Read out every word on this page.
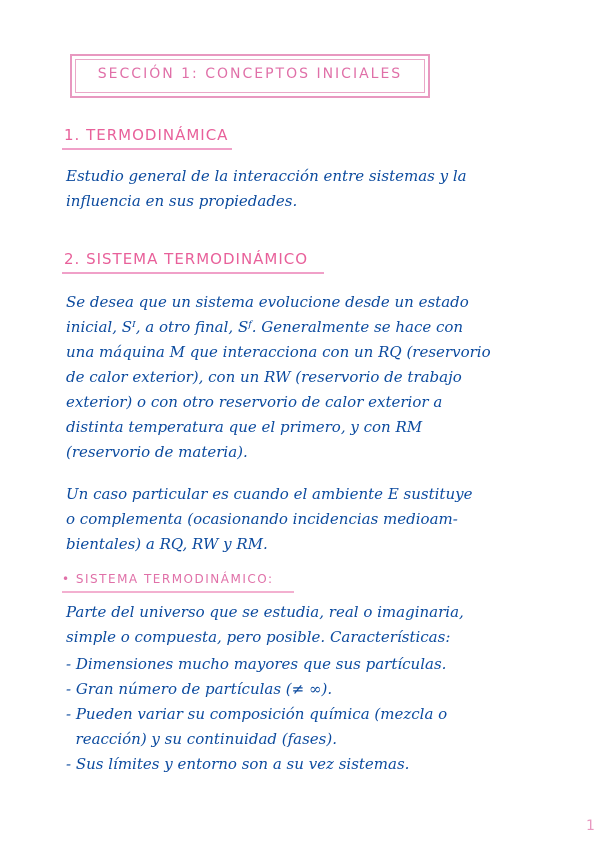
SECCIÓN 1: CONCEPTOS INICIALES
1. TERMODINÁMICA
Estudio general de la interacción entre sistemas y la
influencia en sus propiedades.
2. SISTEMA TERMODINÁMICO
Se desea que un sistema evolucione desde un estado
inicial, Sᴵ, a otro final, Sᶠ. Generalmente se hace con
una máquina M que interacciona con un RQ (reservorio
de calor exterior), con un RW (reservorio de trabajo
exterior) o con otro reservorio de calor exterior a
distinta temperatura que el primero, y con RM
(reservorio de materia).
Un caso particular es cuando el ambiente E sustituye
o complementa (ocasionando incidencias medioam-
bientales) a RQ, RW y RM.
• SISTEMA TERMODINÁMICO:
Parte del universo que se estudia, real o imaginaria,
simple o compuesta, pero posible. Características:
- Dimensiones mucho mayores que sus partículas.
- Gran número de partículas (≠ ∞).
- Pueden variar su composición química (mezcla o
reacción) y su continuidad (fases).
- Sus límites y entorno son a su vez sistemas.
1
